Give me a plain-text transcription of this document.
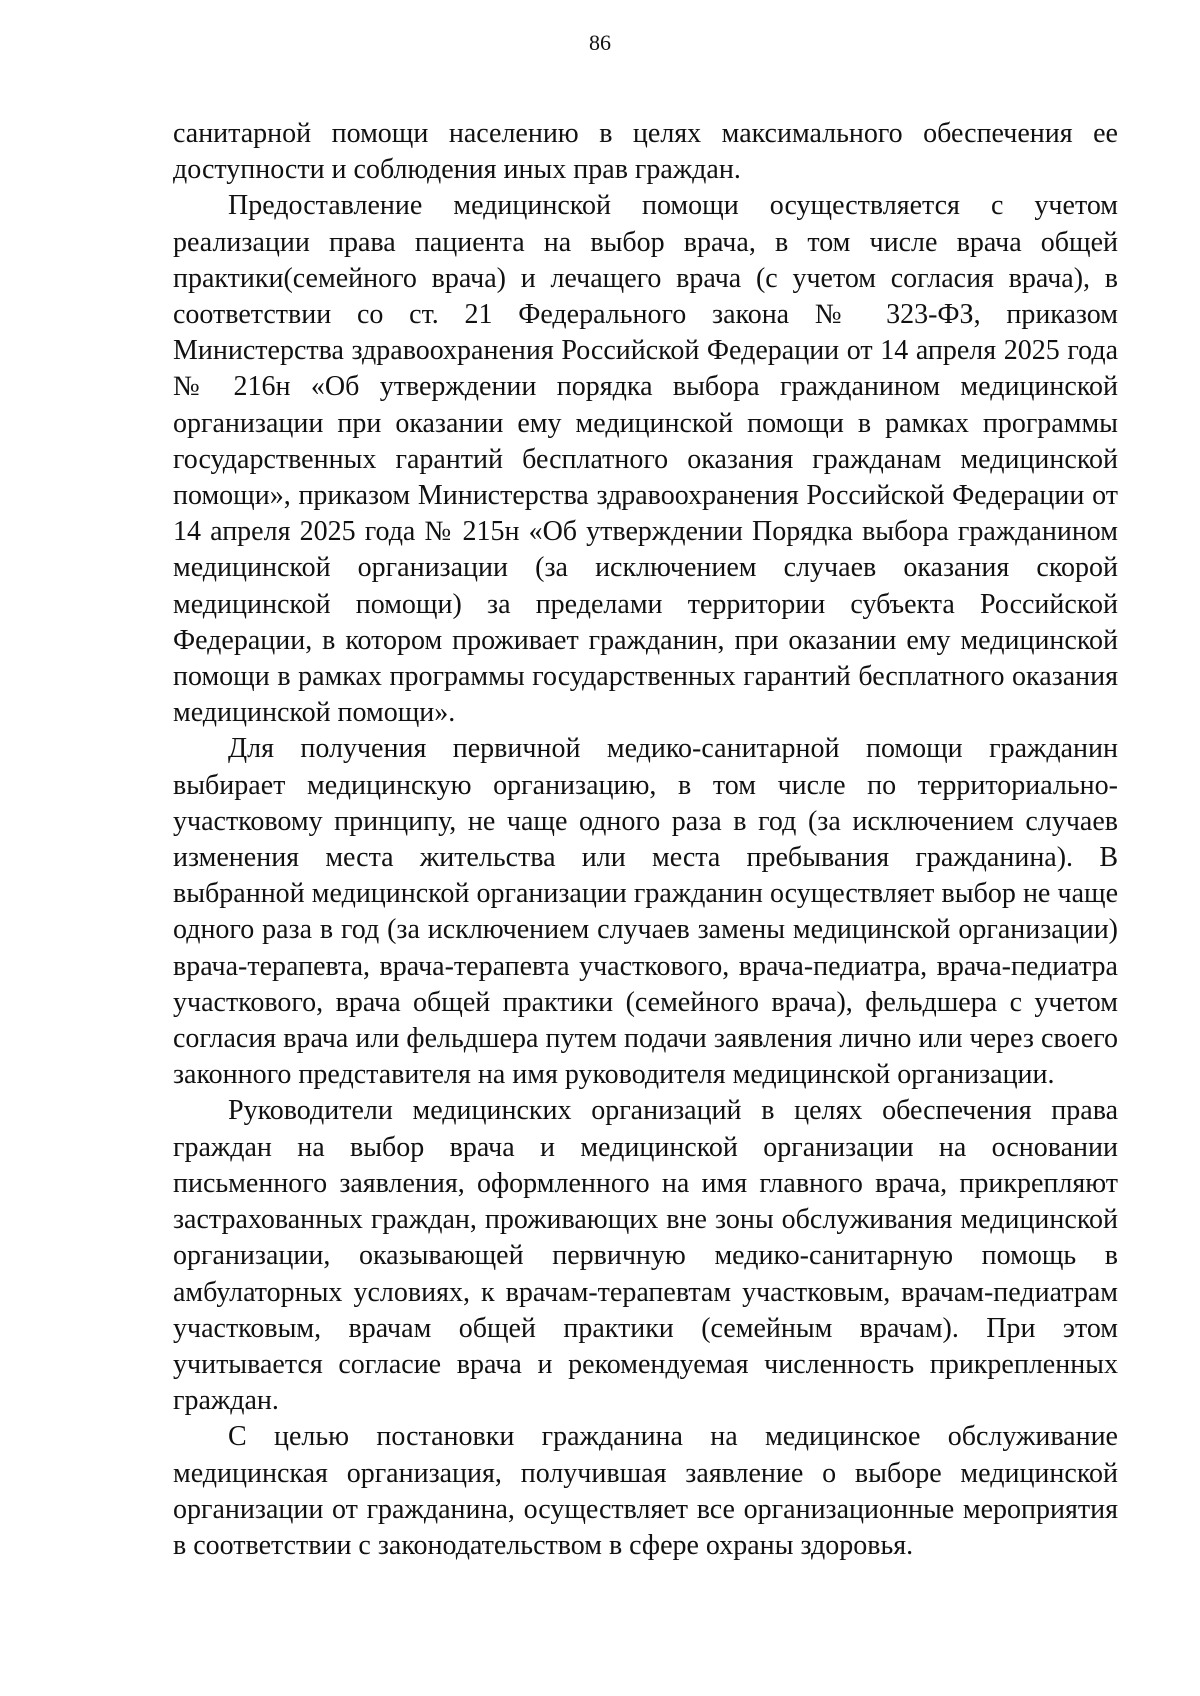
86

санитарной помощи населению в целях максимального обеспечения ее доступности и соблюдения иных прав граждан.

Предоставление медицинской помощи осуществляется с учетом реализации права пациента на выбор врача, в том числе врача общей практики(семейного врача) и лечащего врача (с учетом согласия врача), в соответствии со ст. 21 Федерального закона № 323-ФЗ, приказом Министерства здравоохранения Российской Федерации от 14 апреля 2025 года № 216н «Об утверждении порядка выбора гражданином медицинской организации при оказании ему медицинской помощи в рамках программы государственных гарантий бесплатного оказания гражданам медицинской помощи», приказом Министерства здравоохранения Российской Федерации от 14 апреля 2025 года № 215н «Об утверждении Порядка выбора гражданином медицинской организации (за исключением случаев оказания скорой медицинской помощи) за пределами территории субъекта Российской Федерации, в котором проживает гражданин, при оказании ему медицинской помощи в рамках программы государственных гарантий бесплатного оказания медицинской помощи».

Для получения первичной медико-санитарной помощи гражданин выбирает медицинскую организацию, в том числе по территориально-участковому принципу, не чаще одного раза в год (за исключением случаев изменения места жительства или места пребывания гражданина). В выбранной медицинской организации гражданин осуществляет выбор не чаще одного раза в год (за исключением случаев замены медицинской организации) врача-терапевта, врача-терапевта участкового, врача-педиатра, врача-педиатра участкового, врача общей практики (семейного врача), фельдшера с учетом согласия врача или фельдшера путем подачи заявления лично или через своего законного представителя на имя руководителя медицинской организации.

Руководители медицинских организаций в целях обеспечения права граждан на выбор врача и медицинской организации на основании письменного заявления, оформленного на имя главного врача, прикрепляют застрахованных граждан, проживающих вне зоны обслуживания медицинской организации, оказывающей первичную медико-санитарную помощь в амбулаторных условиях, к врачам-терапевтам участковым, врачам-педиатрам участковым, врачам общей практики (семейным врачам). При этом учитывается согласие врача и рекомендуемая численность прикрепленных граждан.

С целью постановки гражданина на медицинское обслуживание медицинская организация, получившая заявление о выборе медицинской организации от гражданина, осуществляет все организационные мероприятия в соответствии с законодательством в сфере охраны здоровья.
